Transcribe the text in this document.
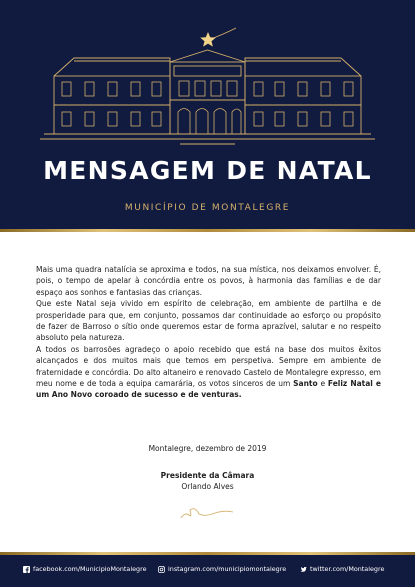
MENSAGEM DE NATAL
MUNICÍPIO DE MONTALEGRE

Mais uma quadra natalícia se aproxima e todos, na sua mística, nos deixamos envolver. É, pois, o tempo de apelar à concórdia entre os povos, à harmonia das famílias e de dar espaço aos sonhos e fantasias das crianças.

Que este Natal seja vivido em espírito de celebração, em ambiente de partilha e de prosperidade para que, em conjunto, possamos dar continuidade ao esforço ou propósito de fazer de Barroso o sítio onde queremos estar de forma aprazível, salutar e no respeito absoluto pela natureza.

A todos os barrosões agradeço o apoio recebido que está na base dos muitos êxitos alcançados e dos muitos mais que temos em perspetiva. Sempre em ambiente de fraternidade e concórdia. Do alto altaneiro e renovado Castelo de Montalegre expresso, em meu nome e de toda a equipa camarária, os votos sinceros de um Santo e Feliz Natal e um Ano Novo coroado de sucesso e de venturas.

Montalegre, dezembro de 2019
Presidente da Câmara
Orlando Alves
facebook.com/MunicipioMontalegre	instagram.com/municipiomontalegre	twitter.com/Montalegre
